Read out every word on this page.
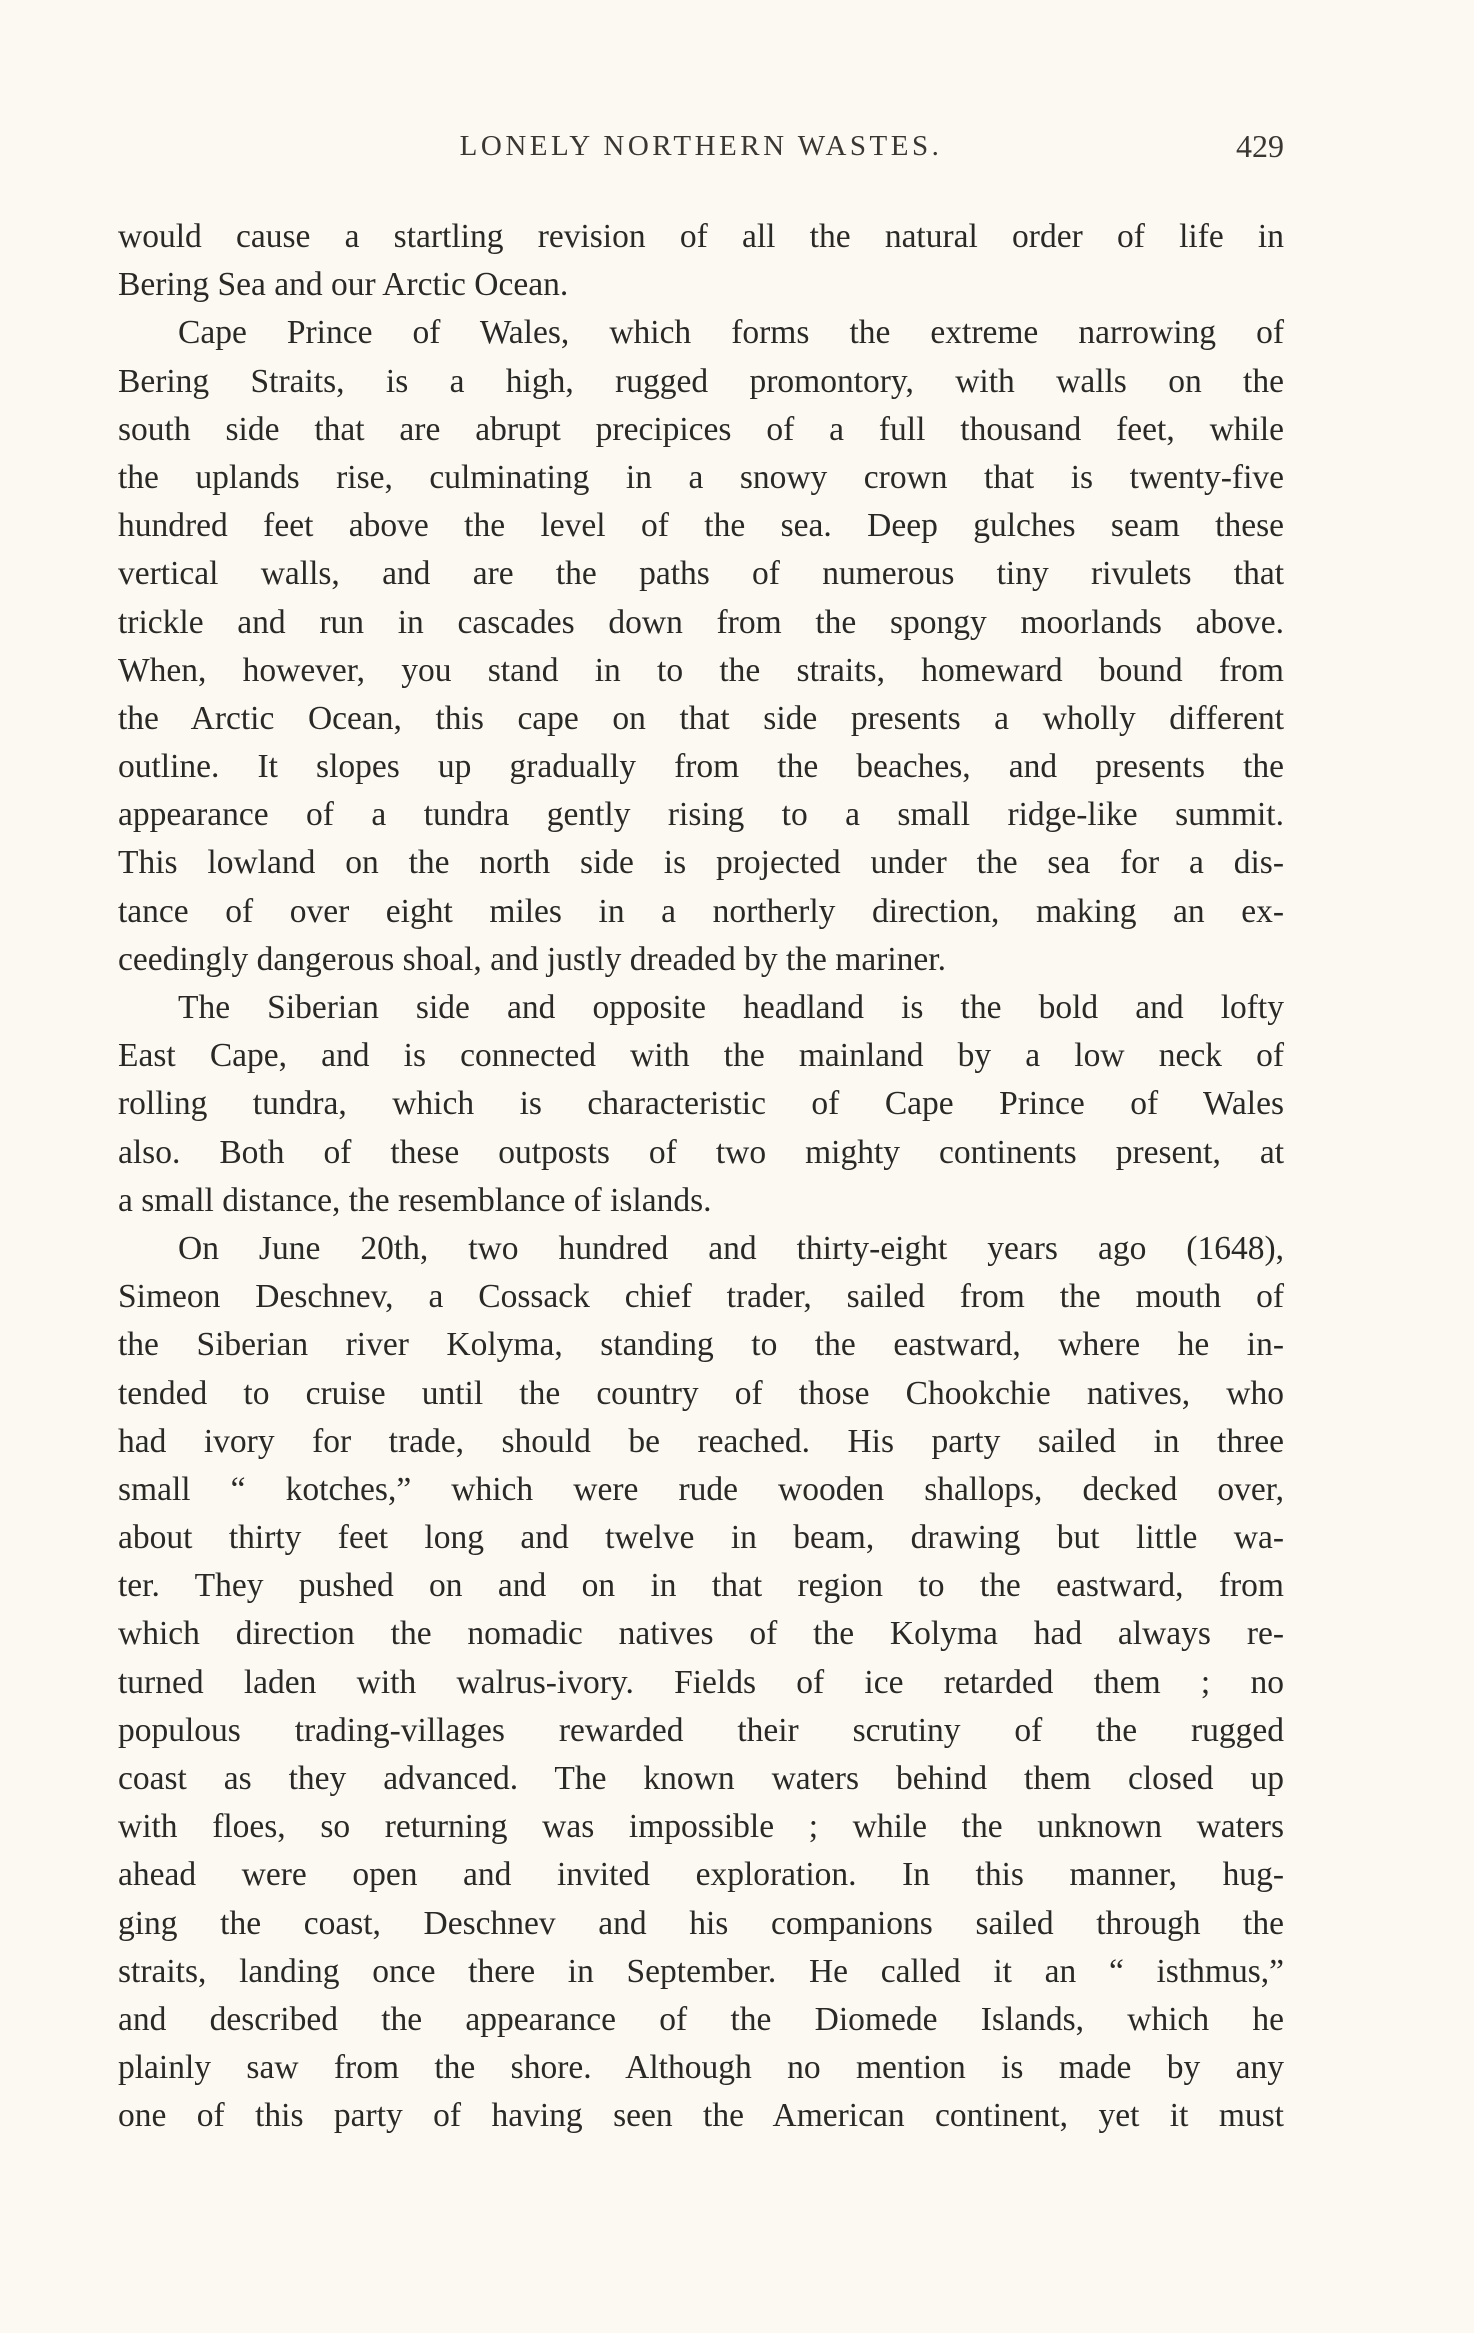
LONELY NORTHERN WASTES.	429
would cause a startling revision of all the natural order of life in
Bering Sea and our Arctic Ocean.
Cape Prince of Wales, which forms the extreme narrowing of
Bering Straits, is a high, rugged promontory, with walls on the
south side that are abrupt precipices of a full thousand feet, while
the uplands rise, culminating in a snowy crown that is twenty-five
hundred feet above the level of the sea. Deep gulches seam these
vertical walls, and are the paths of numerous tiny rivulets that
trickle and run in cascades down from the spongy moorlands above.
When, however, you stand in to the straits, homeward bound from
the Arctic Ocean, this cape on that side presents a wholly different
outline. It slopes up gradually from the beaches, and presents the
appearance of a tundra gently rising to a small ridge-like summit.
This lowland on the north side is projected under the sea for a dis-
tance of over eight miles in a northerly direction, making an ex-
ceedingly dangerous shoal, and justly dreaded by the mariner.
The Siberian side and opposite headland is the bold and lofty
East Cape, and is connected with the mainland by a low neck of
rolling tundra, which is characteristic of Cape Prince of Wales
also. Both of these outposts of two mighty continents present, at
a small distance, the resemblance of islands.
On June 20th, two hundred and thirty-eight years ago (1648),
Simeon Deschnev, a Cossack chief trader, sailed from the mouth of
the Siberian river Kolyma, standing to the eastward, where he in-
tended to cruise until the country of those Chookchie natives, who
had ivory for trade, should be reached. His party sailed in three
small “ kotches,” which were rude wooden shallops, decked over,
about thirty feet long and twelve in beam, drawing but little wa-
ter. They pushed on and on in that region to the eastward, from
which direction the nomadic natives of the Kolyma had always re-
turned laden with walrus-ivory. Fields of ice retarded them ; no
populous trading-villages rewarded their scrutiny of the rugged
coast as they advanced. The known waters behind them closed up
with floes, so returning was impossible ; while the unknown waters
ahead were open and invited exploration. In this manner, hug-
ging the coast, Deschnev and his companions sailed through the
straits, landing once there in September. He called it an “ isthmus,”
and described the appearance of the Diomede Islands, which he
plainly saw from the shore. Although no mention is made by any
one of this party of having seen the American continent, yet it must
